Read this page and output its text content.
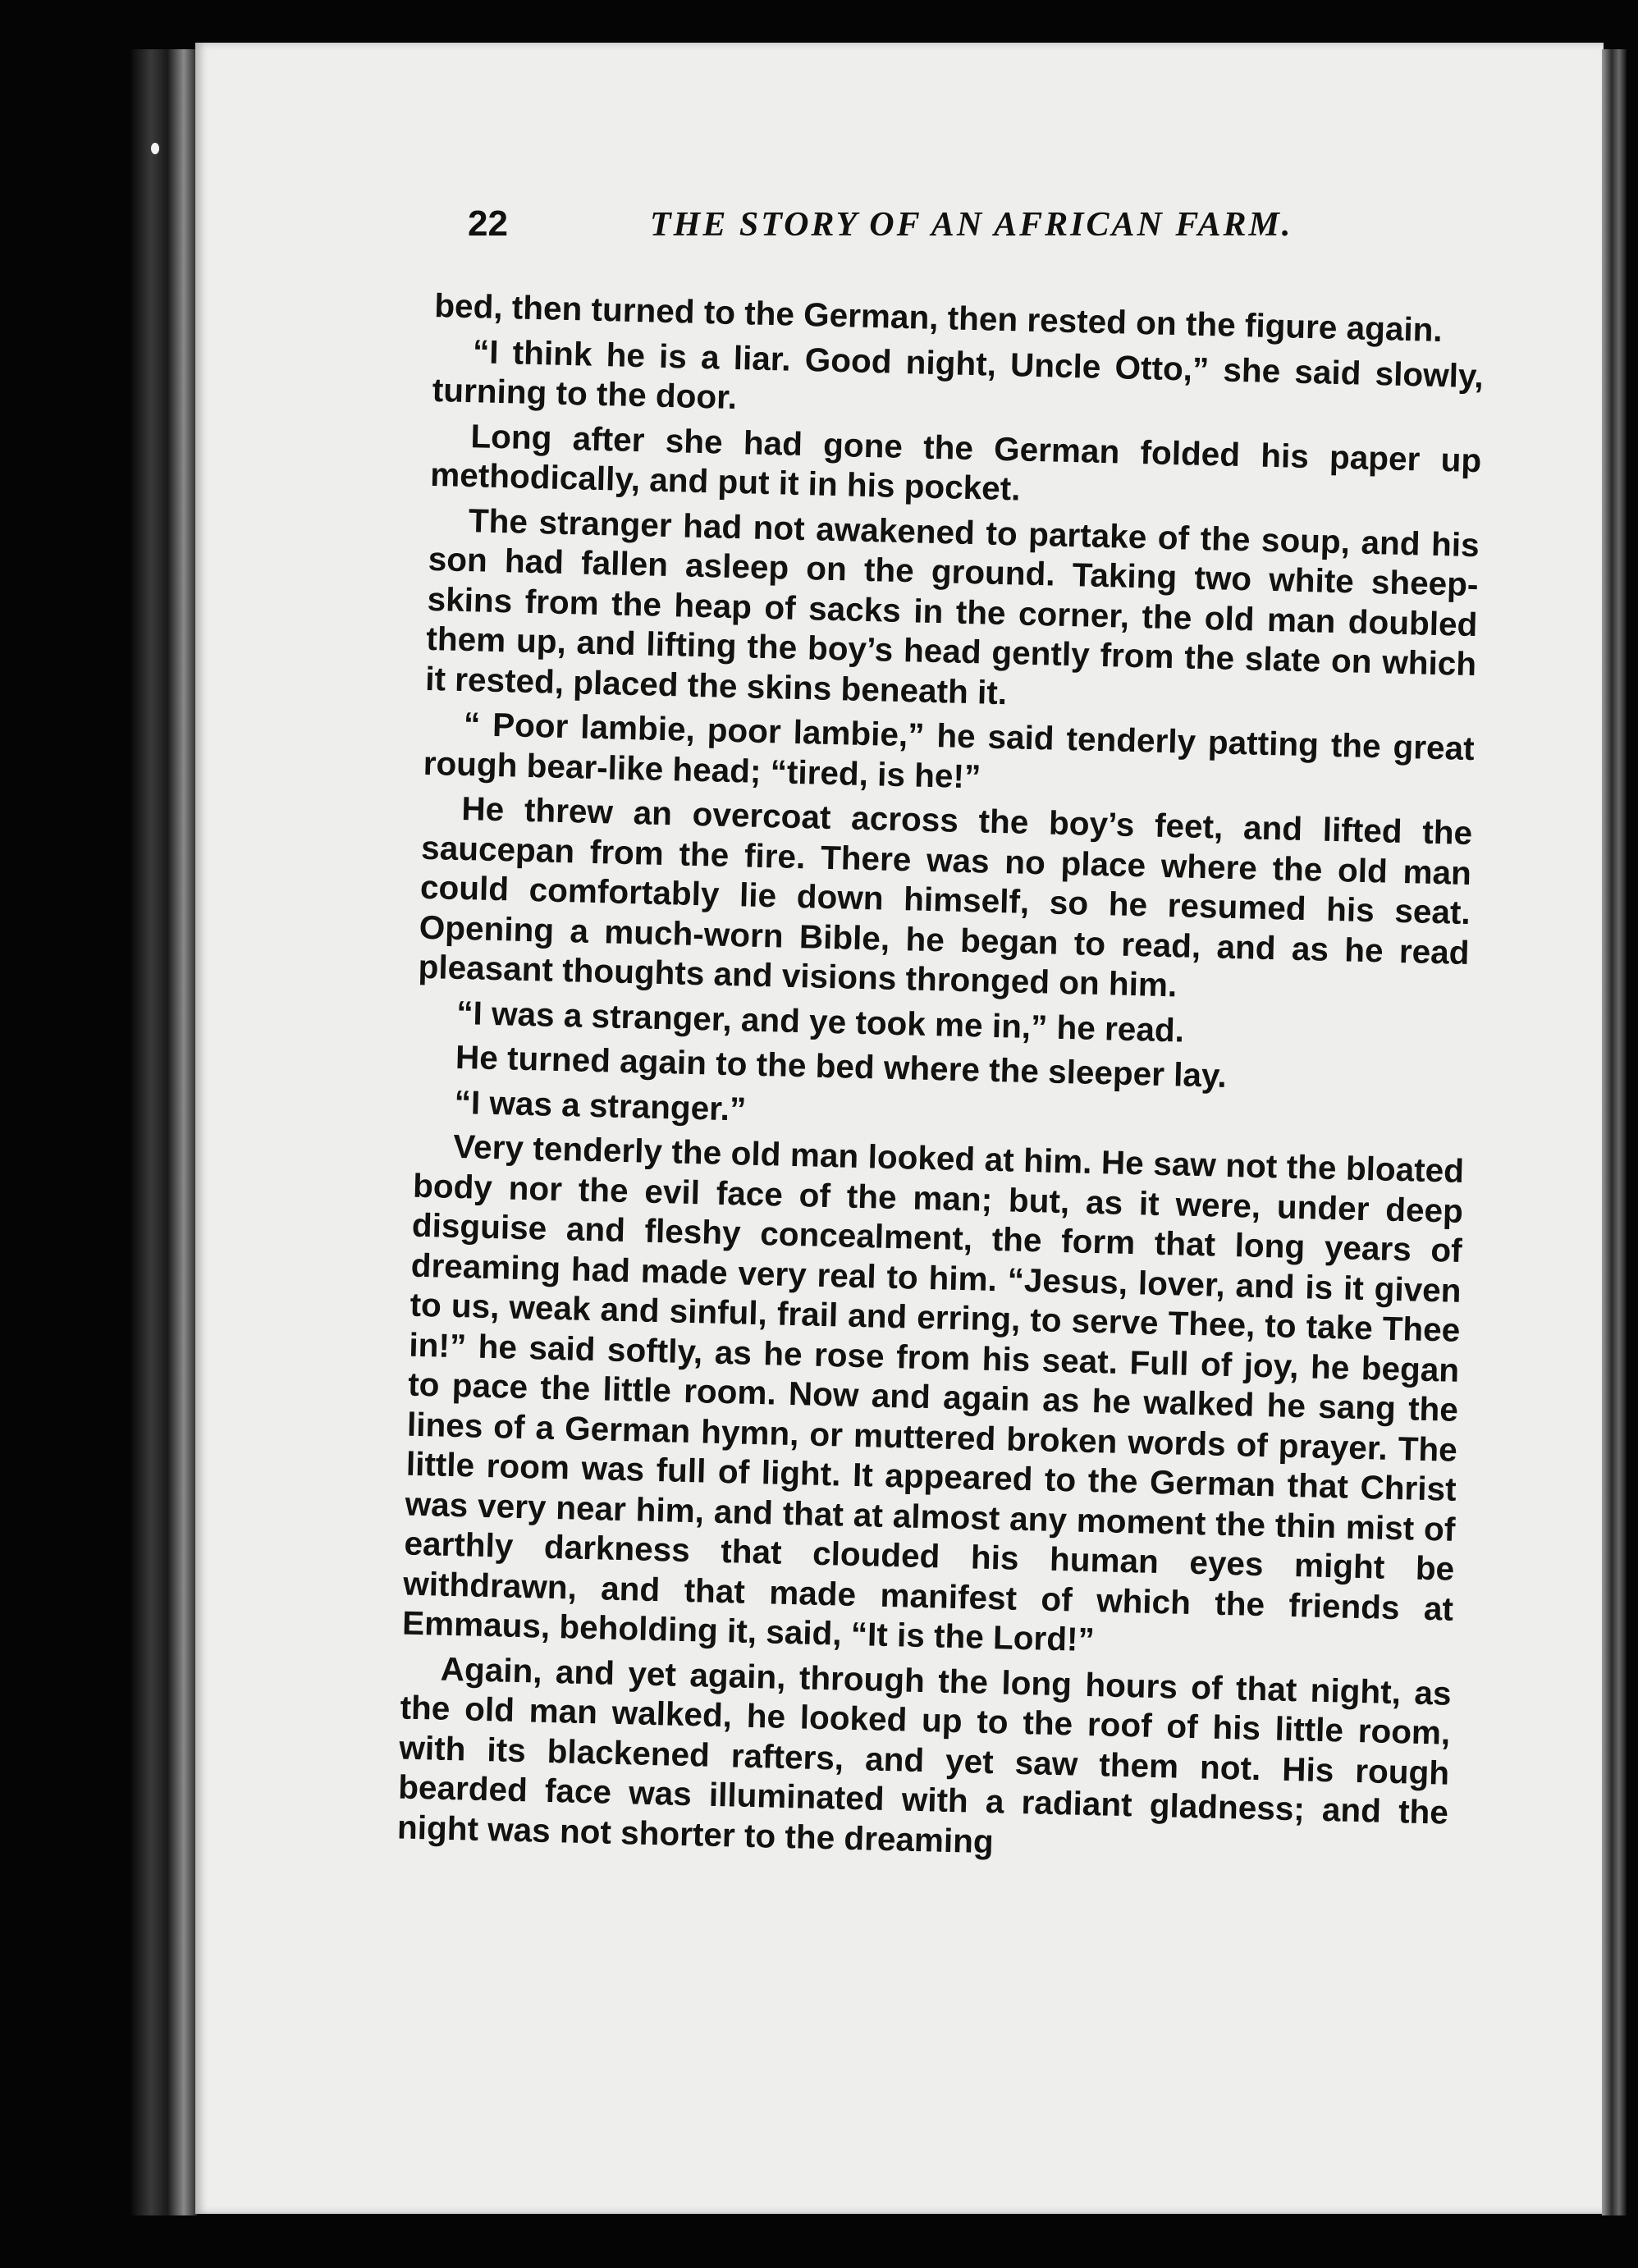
22	THE STORY OF AN AFRICAN FARM.

bed, then turned to the German, then rested on the figure again.

“I think he is a liar. Good night, Uncle Otto,” she said slowly, turning to the door.

Long after she had gone the German folded his paper up methodically, and put it in his pocket.

The stranger had not awakened to partake of the soup, and his son had fallen asleep on the ground. Taking two white sheep-skins from the heap of sacks in the corner, the old man doubled them up, and lifting the boy’s head gently from the slate on which it rested, placed the skins beneath it.

“ Poor lambie, poor lambie,” he said tenderly patting the great rough bear-like head; “tired, is he!”

He threw an overcoat across the boy’s feet, and lifted the saucepan from the fire. There was no place where the old man could comfortably lie down himself, so he resumed his seat. Opening a much-worn Bible, he began to read, and as he read pleasant thoughts and visions thronged on him.

“I was a stranger, and ye took me in,” he read.

He turned again to the bed where the sleeper lay.

“I was a stranger.”

Very tenderly the old man looked at him. He saw not the bloated body nor the evil face of the man; but, as it were, under deep disguise and fleshy concealment, the form that long years of dreaming had made very real to him. “Jesus, lover, and is it given to us, weak and sinful, frail and erring, to serve Thee, to take Thee in!” he said softly, as he rose from his seat. Full of joy, he began to pace the little room. Now and again as he walked he sang the lines of a German hymn, or muttered broken words of prayer. The little room was full of light. It appeared to the German that Christ was very near him, and that at almost any moment the thin mist of earthly darkness that clouded his human eyes might be withdrawn, and that made manifest of which the friends at Emmaus, beholding it, said, “It is the Lord!”

Again, and yet again, through the long hours of that night, as the old man walked, he looked up to the roof of his little room, with its blackened rafters, and yet saw them not. His rough bearded face was illuminated with a radiant gladness; and the night was not shorter to the dreaming
